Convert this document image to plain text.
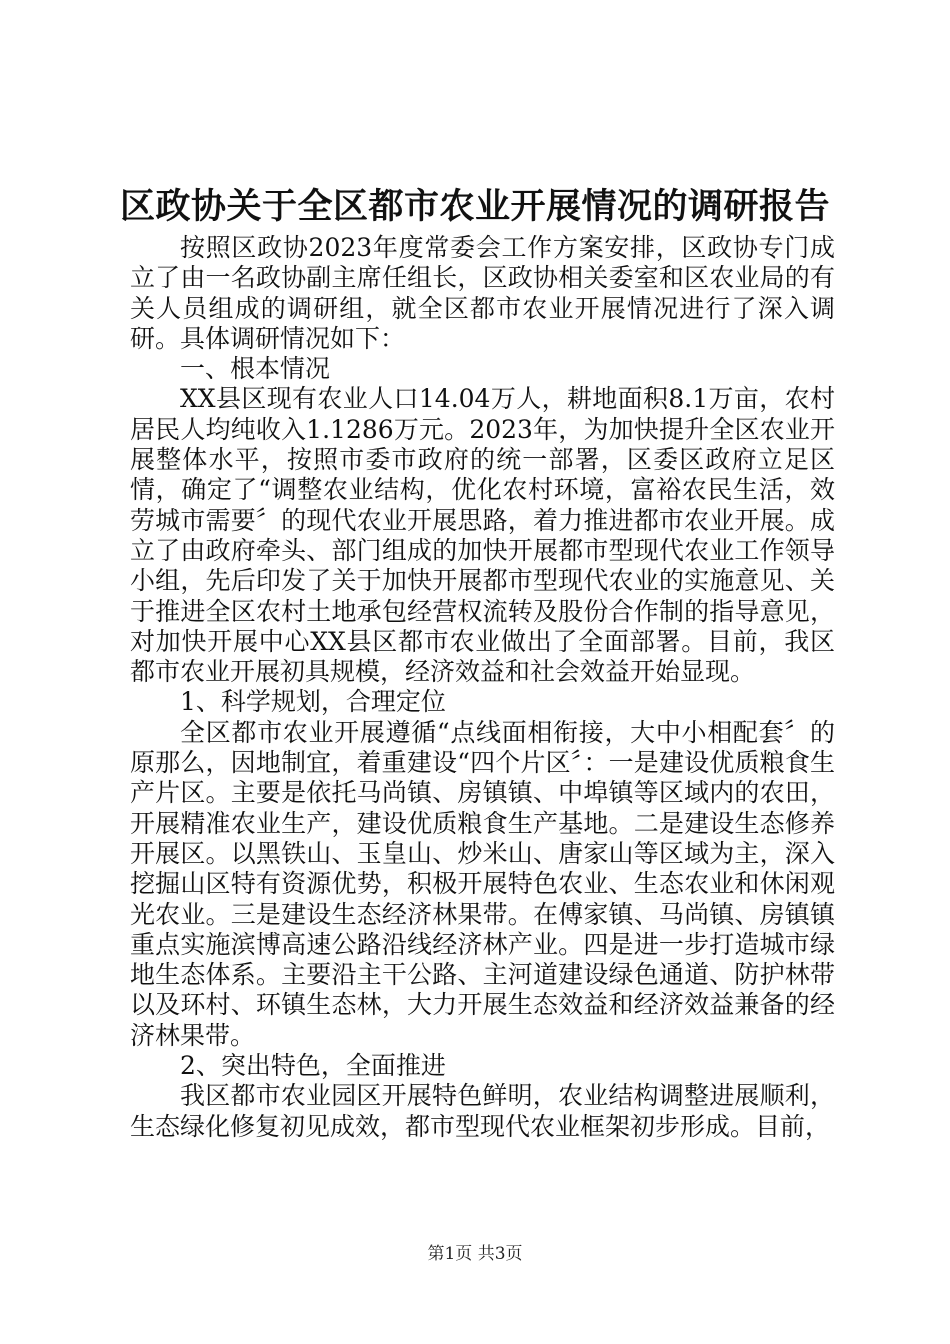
区政协关于全区都市农业开展情况的调研报告

按照区政协2023年度常委会工作方案安排，区政协专门成立了由一名政协副主席任组长，区政协相关委室和区农业局的有关人员组成的调研组，就全区都市农业开展情况进行了深入调研。具体调研情况如下：

一、根本情况

XX县区现有农业人口14.04万人，耕地面积8.1万亩，农村居民人均纯收入1.1286万元。2023年，为加快提升全区农业开展整体水平，按照市委市政府的统一部署，区委区政府立足区情，确定了“调整农业结构，优化农村环境，富裕农民生活，效劳城市需要〞的现代农业开展思路，着力推进都市农业开展。成立了由政府牵头、部门组成的加快开展都市型现代农业工作领导小组，先后印发了关于加快开展都市型现代农业的实施意见、关于推进全区农村土地承包经营权流转及股份合作制的指导意见，对加快开展中心XX县区都市农业做出了全面部署。目前，我区都市农业开展初具规模，经济效益和社会效益开始显现。

1、科学规划，合理定位

全区都市农业开展遵循“点线面相衔接，大中小相配套〞的原那么，因地制宜，着重建设“四个片区〞：一是建设优质粮食生产片区。主要是依托马尚镇、房镇镇、中埠镇等区域内的农田，开展精准农业生产，建设优质粮食生产基地。二是建设生态修养开展区。以黑铁山、玉皇山、炒米山、唐家山等区域为主，深入挖掘山区特有资源优势，积极开展特色农业、生态农业和休闲观光农业。三是建设生态经济林果带。在傅家镇、马尚镇、房镇镇重点实施滨博高速公路沿线经济林产业。四是进一步打造城市绿地生态体系。主要沿主干公路、主河道建设绿色通道、防护林带以及环村、环镇生态林，大力开展生态效益和经济效益兼备的经济林果带。

2、突出特色，全面推进

我区都市农业园区开展特色鲜明，农业结构调整进展顺利，生态绿化修复初见成效，都市型现代农业框架初步形成。目前，

第1页 共3页
